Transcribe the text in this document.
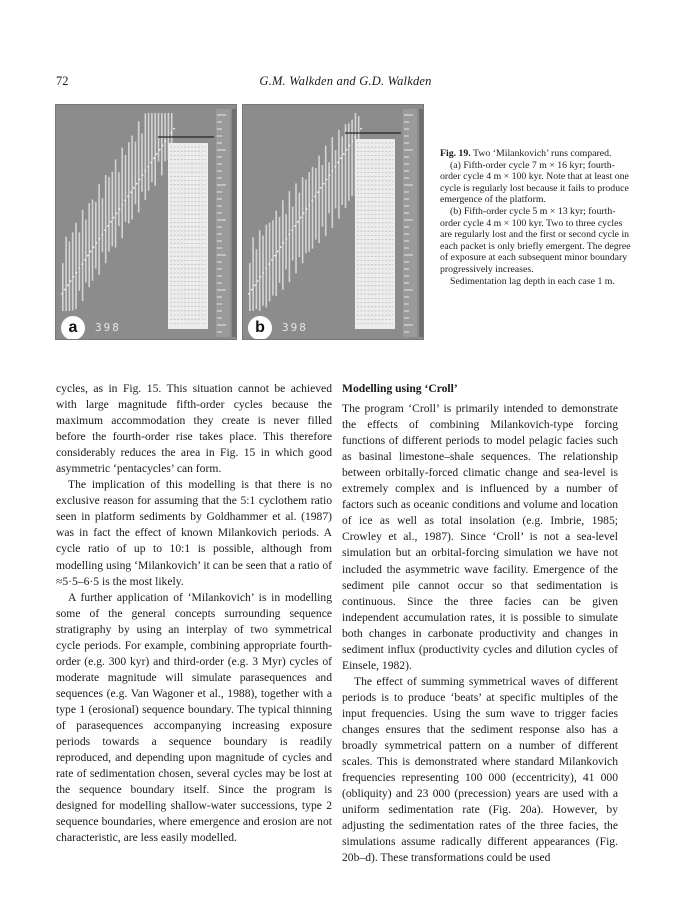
72	G.M. Walkden and G.D. Walkden
a	398	b	398

Fig. 19. Two ‘Milankovich’ runs compared.

(a) Fifth-order cycle 7 m × 16 kyr; fourth-order cycle 4 m × 100 kyr. Note that at least one cycle is regularly lost because it fails to produce emergence of the platform.

(b) Fifth-order cycle 5 m × 13 kyr; fourth-order cycle 4 m × 100 kyr. Two to three cycles are regularly lost and the first or second cycle in each packet is only briefly emergent. The degree of exposure at each subsequent minor boundary progressively increases.

Sedimentation lag depth in each case 1 m.

cycles, as in Fig. 15. This situation cannot be achieved with large magnitude fifth-order cycles because the maximum accommodation they create is never filled before the fourth-order rise takes place. This therefore considerably reduces the area in Fig. 15 in which good asymmetric ‘pentacycles’ can form.

The implication of this modelling is that there is no exclusive reason for assuming that the 5:1 cyclothem ratio seen in platform sediments by Goldhammer et al. (1987) was in fact the effect of known Milankovich periods. A cycle ratio of up to 10:1 is possible, although from modelling using ‘Milankovich’ it can be seen that a ratio of ≈5·5–6·5 is the most likely.

A further application of ‘Milankovich’ is in modelling some of the general concepts surrounding sequence stratigraphy by using an interplay of two symmetrical cycle periods. For example, combining appropriate fourth-order (e.g. 300 kyr) and third-order (e.g. 3 Myr) cycles of moderate magnitude will simulate parasequences and sequences (e.g. Van Wagoner et al., 1988), together with a type 1 (erosional) sequence boundary. The typical thinning of parasequences accompanying increasing exposure periods towards a sequence boundary is readily reproduced, and depending upon magnitude of cycles and rate of sedimentation chosen, several cycles may be lost at the sequence boundary itself. Since the program is designed for modelling shallow-water successions, type 2 sequence boundaries, where emergence and erosion are not characteristic, are less easily modelled.

Modelling using ‘Croll’

The program ‘Croll’ is primarily intended to demonstrate the effects of combining Milankovich-type forcing functions of different periods to model pelagic facies such as basinal limestone–shale sequences. The relationship between orbitally-forced climatic change and sea-level is extremely complex and is influenced by a number of factors such as oceanic conditions and volume and location of ice as well as total insolation (e.g. Imbrie, 1985; Crowley et al., 1987). Since ‘Croll’ is not a sea-level simulation but an orbital-forcing simulation we have not included the asymmetric wave facility. Emergence of the sediment pile cannot occur so that sedimentation is continuous. Since the three facies can be given independent accumulation rates, it is possible to simulate both changes in carbonate productivity and changes in sediment influx (productivity cycles and dilution cycles of Einsele, 1982).

The effect of summing symmetrical waves of different periods is to produce ‘beats’ at specific multiples of the input frequencies. Using the sum wave to trigger facies changes ensures that the sediment response also has a broadly symmetrical pattern on a number of different scales. This is demonstrated where standard Milankovich frequencies representing 100 000 (eccentricity), 41 000 (obliquity) and 23 000 (precession) years are used with a uniform sedimentation rate (Fig. 20a). However, by adjusting the sedimentation rates of the three facies, the simulations assume radically different appearances (Fig. 20b–d). These transformations could be used
